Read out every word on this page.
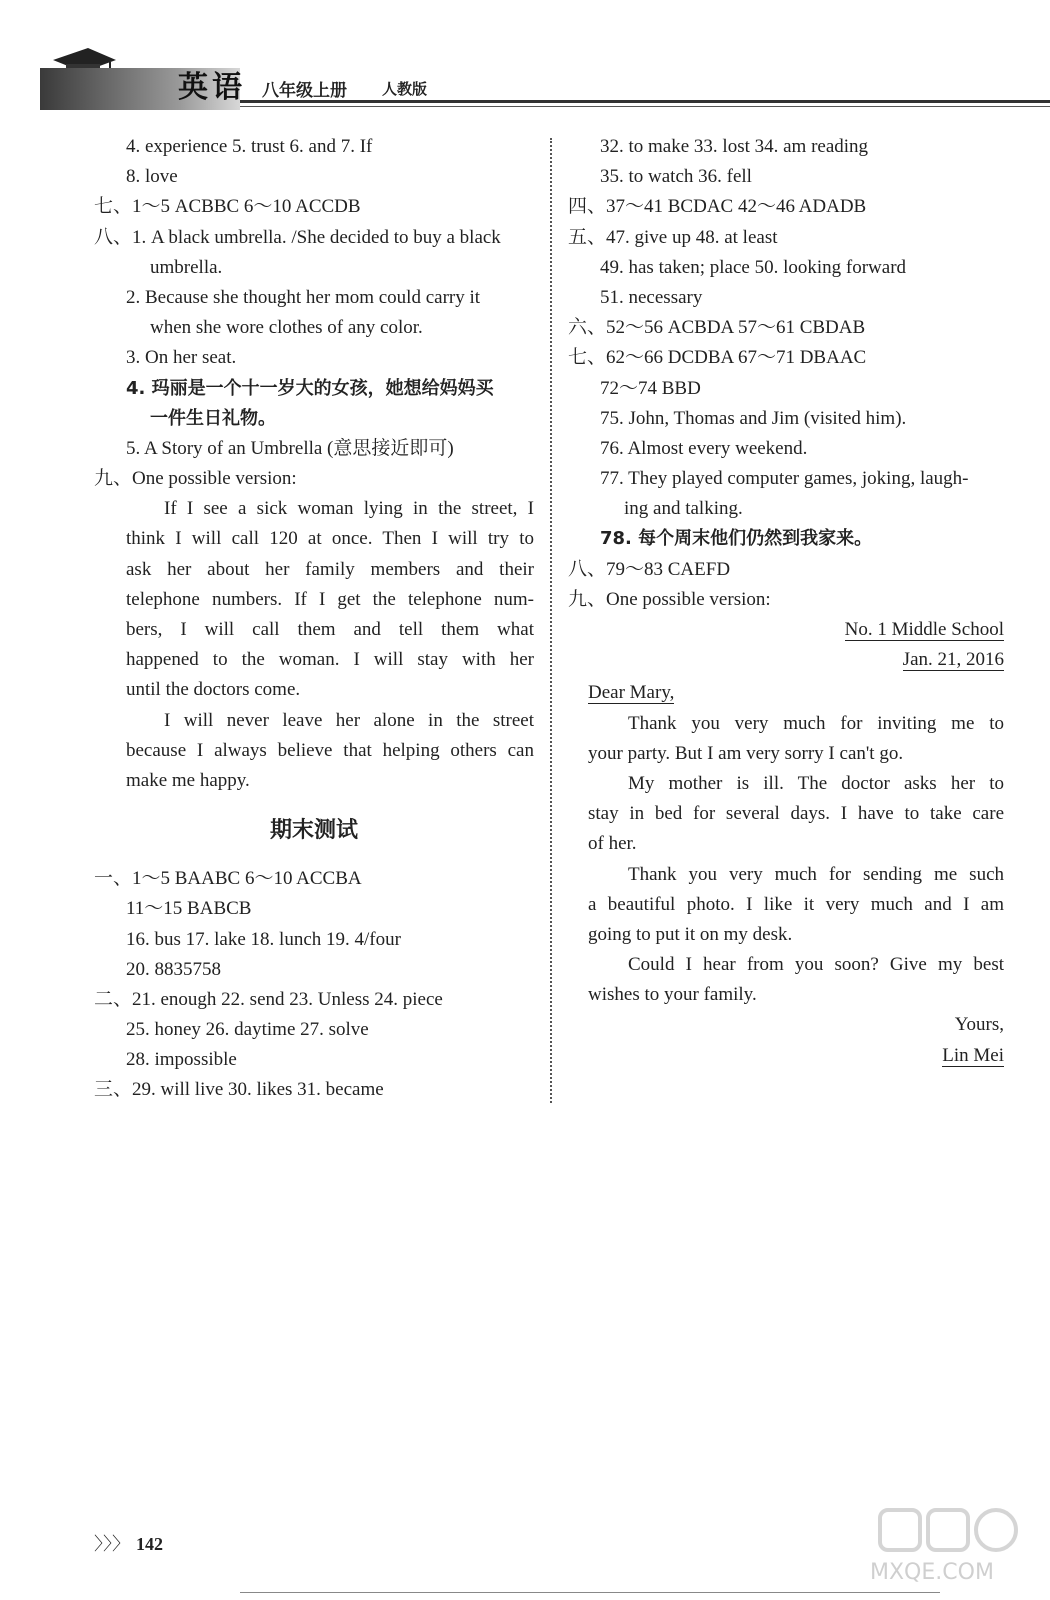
英语 八年级上册 人教版
4. experience 5. trust 6. and 7. If
8. love
七、1～5 ACBBC 6～10 ACCDB
八、1. A black umbrella. /She decided to buy a black
umbrella.
2. Because she thought her mom could carry it
when she wore clothes of any color.
3. On her seat.
4. 玛丽是一个十一岁大的女孩，她想给妈妈买
一件生日礼物。
5. A Story of an Umbrella (意思接近即可)
九、One possible version:
If I see a sick woman lying in the street, I
think I will call 120 at once. Then I will try to
ask her about her family members and their
telephone numbers. If I get the telephone num-
bers, I will call them and tell them what
happened to the woman. I will stay with her
until the doctors come.
I will never leave her alone in the street
because I always believe that helping others can
make me happy.
期末测试
一、1～5 BAABC 6～10 ACCBA
11～15 BABCB
16. bus 17. lake 18. lunch 19. 4/four
20. 8835758
二、21. enough 22. send 23. Unless 24. piece
25. honey 26. daytime 27. solve
28. impossible
三、29. will live 30. likes 31. became
32. to make 33. lost 34. am reading
35. to watch 36. fell
四、37～41 BCDAC 42～46 ADADB
五、47. give up 48. at least
49. has taken; place 50. looking forward
51. necessary
六、52～56 ACBDA 57～61 CBDAB
七、62～66 DCDBA 67～71 DBAAC
72～74 BBD
75. John, Thomas and Jim (visited him).
76. Almost every weekend.
77. They played computer games, joking, laugh-
ing and talking.
78. 每个周末他们仍然到我家来。
八、79～83 CAEFD
九、One possible version:
No. 1 Middle School
Jan. 21, 2016
Dear Mary,
Thank you very much for inviting me to
your party. But I am very sorry I can't go.
My mother is ill. The doctor asks her to
stay in bed for several days. I have to take care
of her.
Thank you very much for sending me such
a beautiful photo. I like it very much and I am
going to put it on my desk.
Could I hear from you soon? Give my best
wishes to your family.
Yours,
Lin Mei
〉〉〉 142
MXQE.COM
